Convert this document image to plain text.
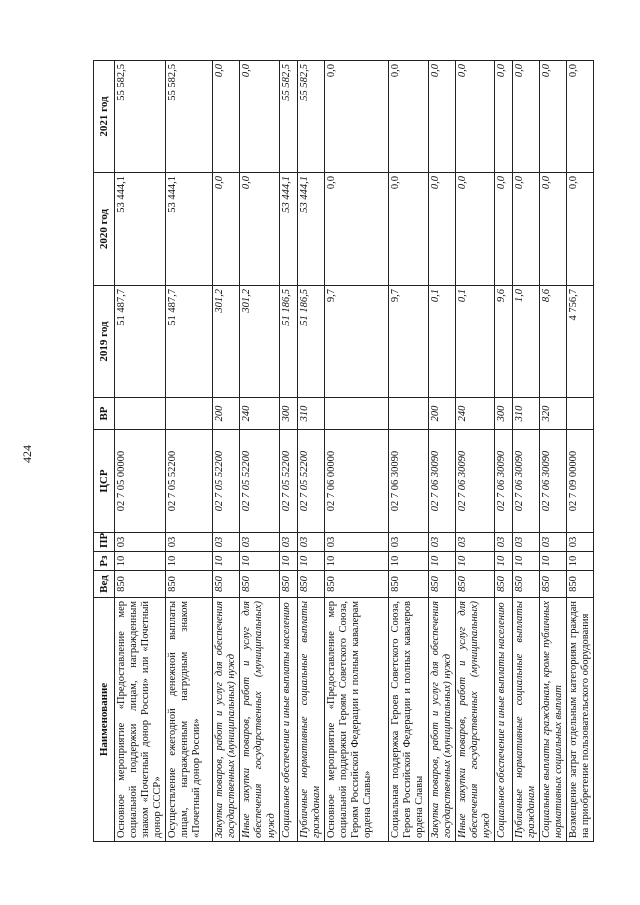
424
Наименование	Вед	Рз	ПР	ЦСР	ВР	2019 год	2020 год	2021 год
Основное мероприятие «Предоставление мер социальной поддержки лицам, награжденным знаком «Почетный донор России» или «Почетный донор СССР»	850	10	03	02 7 05 00000		51 487,7	53 444,1	55 582,5
Осуществление ежегодной денежной выплаты лицам, награжденным нагрудным знаком «Почетный донор России»	850	10	03	02 7 05 52200		51 487,7	53 444,1	55 582,5
Закупка товаров, работ и услуг для обеспечения государственных (муниципальных) нужд	850	10	03	02 7 05 52200	200	301,2	0,0	0,0
Иные закупки товаров, работ и услуг для обеспечения государственных (муниципальных) нужд	850	10	03	02 7 05 52200	240	301,2	0,0	0,0
Социальное обеспечение и иные выплаты населению	850	10	03	02 7 05 52200	300	51 186,5	53 444,1	55 582,5
Публичные нормативные социальные выплаты гражданам	850	10	03	02 7 05 52200	310	51 186,5	53 444,1	55 582,5
Основное мероприятие «Предоставление мер социальной поддержки Героям Советского Союза, Героям Российской Федерации и полным кавалерам ордена Славы»	850	10	03	02 7 06 00000		9,7	0,0	0,0
Социальная поддержка Героев Советского Союза, Героев Российской Федерации и полных кавалеров ордена Славы	850	10	03	02 7 06 30090		9,7	0,0	0,0
Закупка товаров, работ и услуг для обеспечения государственных (муниципальных) нужд	850	10	03	02 7 06 30090	200	0,1	0,0	0,0
Иные закупки товаров, работ и услуг для обеспечения государственных (муниципальных) нужд	850	10	03	02 7 06 30090	240	0,1	0,0	0,0
Социальное обеспечение и иные выплаты населению	850	10	03	02 7 06 30090	300	9,6	0,0	0,0
Публичные нормативные социальные выплаты гражданам	850	10	03	02 7 06 30090	310	1,0	0,0	0,0
Социальные выплаты гражданам, кроме публичных нормативных социальных выплат	850	10	03	02 7 06 30090	320	8,6	0,0	0,0
Возмещение затрат отдельным категориям граждан на приобретение пользовательского оборудования	850	10	03	02 7 09 00000		4 756,7	0,0	0,0
